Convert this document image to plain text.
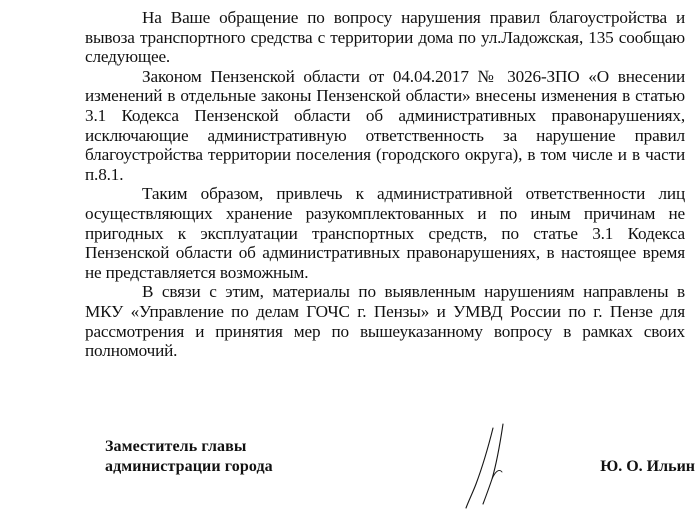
На Ваше обращение по вопросу нарушения правил благоустройства и вывоза транспортного средства с территории дома по ул.Ладожская, 135 сообщаю следующее.

Законом Пензенской области от 04.04.2017 № 3026-ЗПО «О внесении изменений в отдельные законы Пензенской области» внесены изменения в статью 3.1 Кодекса Пензенской области об административных правонарушениях, исключающие административную ответственность за нарушение правил благоустройства территории поселения (городского округа), в том числе и в части п.8.1.

Таким образом, привлечь к административной ответственности лиц осуществляющих хранение разукомплектованных и по иным причинам не пригодных к эксплуатации транспортных средств, по статье 3.1 Кодекса Пензенской области об административных правонарушениях, в настоящее время не представляется возможным.

В связи с этим, материалы по выявленным нарушениям направлены в МКУ «Управление по делам ГОЧС г. Пензы» и УМВД России по г. Пензе для рассмотрения и принятия мер по вышеуказанному вопросу в рамках своих полномочий.

Заместитель главы
администрации города	Ю. О. Ильин
